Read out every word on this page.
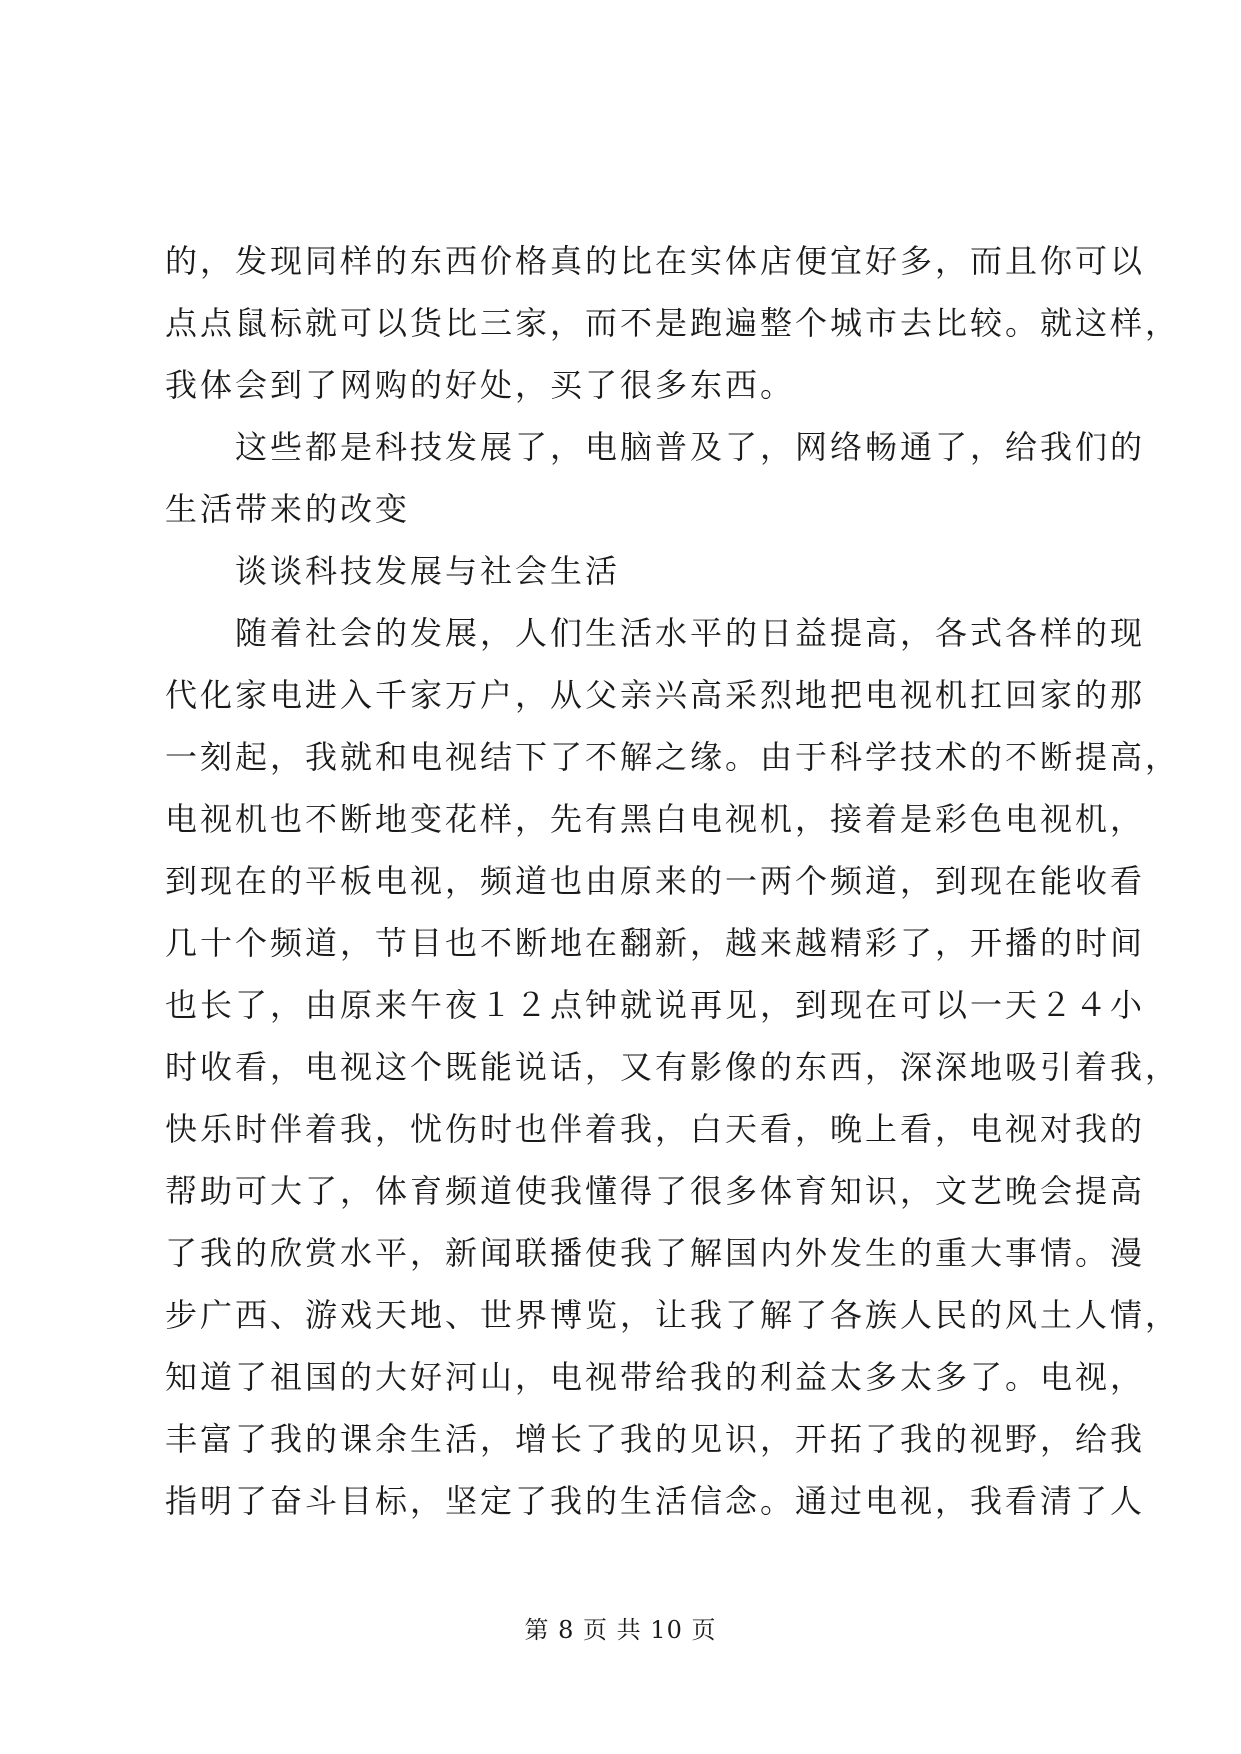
的，发现同样的东西价格真的比在实体店便宜好多，而且你可以
点点鼠标就可以货比三家，而不是跑遍整个城市去比较。就这样，
我体会到了网购的好处，买了很多东西。
这些都是科技发展了，电脑普及了，网络畅通了，给我们的
生活带来的改变
谈谈科技发展与社会生活
随着社会的发展，人们生活水平的日益提高，各式各样的现
代化家电进入千家万户，从父亲兴高采烈地把电视机扛回家的那
一刻起，我就和电视结下了不解之缘。由于科学技术的不断提高，
电视机也不断地变花样，先有黑白电视机，接着是彩色电视机，
到现在的平板电视，频道也由原来的一两个频道，到现在能收看
几十个频道，节目也不断地在翻新，越来越精彩了，开播的时间
也长了，由原来午夜１２点钟就说再见，到现在可以一天２４小
时收看，电视这个既能说话，又有影像的东西，深深地吸引着我，
快乐时伴着我，忧伤时也伴着我，白天看，晚上看，电视对我的
帮助可大了，体育频道使我懂得了很多体育知识，文艺晚会提高
了我的欣赏水平，新闻联播使我了解国内外发生的重大事情。漫
步广西、游戏天地、世界博览，让我了解了各族人民的风土人情，
知道了祖国的大好河山，电视带给我的利益太多太多了。电视，
丰富了我的课余生活，增长了我的见识，开拓了我的视野，给我
指明了奋斗目标，坚定了我的生活信念。通过电视，我看清了人
第 8 页 共 10 页
